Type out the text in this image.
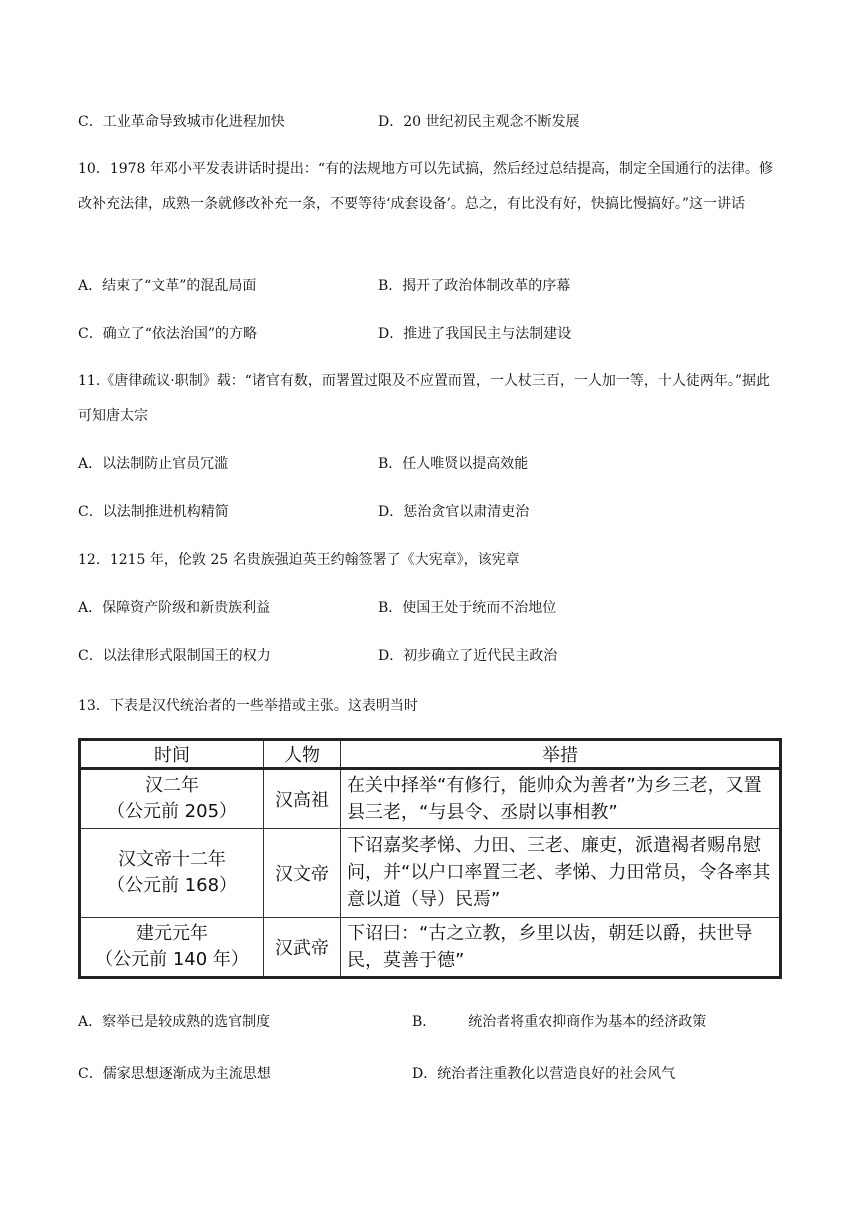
C．工业革命导致城市化进程加快	D．20 世纪初民主观念不断发展
10．1978 年邓小平发表讲话时提出：“有的法规地方可以先试搞，然后经过总结提高，制定全国通行的法律。修改补充法律，成熟一条就修改补充一条，不要等待‘成套设备’。总之，有比没有好，快搞比慢搞好。”这一讲话
A．结束了“文革”的混乱局面	B．揭开了政治体制改革的序幕
C．确立了“依法治国”的方略	D．推进了我国民主与法制建设
11.《唐律疏议·职制》载：“诸官有数，而署置过限及不应置而置，一人杖三百，一人加一等，十人徒两年。”据此可知唐太宗
A．以法制防止官员冗滥	B．任人唯贤以提高效能
C．以法制推进机构精简	D．惩治贪官以肃清吏治
12．1215 年，伦敦 25 名贵族强迫英王约翰签署了《大宪章》，该宪章
A．保障资产阶级和新贵族利益	B．使国王处于统而不治地位
C．以法律形式限制国王的权力	D．初步确立了近代民主政治
13．下表是汉代统治者的一些举措或主张。这表明当时
时间	人物	举措

汉二年
（公元前 205）	汉高祖	在关中择举“有修行，能帅众为善者”为乡三老，又置县三老，“与县令、丞尉以事相教”

汉文帝十二年
（公元前 168）	汉文帝	下诏嘉奖孝悌、力田、三老、廉吏，派遣褐者赐帛慰问，并“以户口率置三老、孝悌、力田常员，令各率其意以道（导）民焉”

建元元年
（公元前 140 年）	汉武帝	下诏曰：“古之立教，乡里以齿，朝廷以爵，扶世导民，莫善于德”
A．察举已是较成熟的选官制度	B． 统治者将重农抑商作为基本的经济政策
C．儒家思想逐渐成为主流思想	D．统治者注重教化以营造良好的社会风气
